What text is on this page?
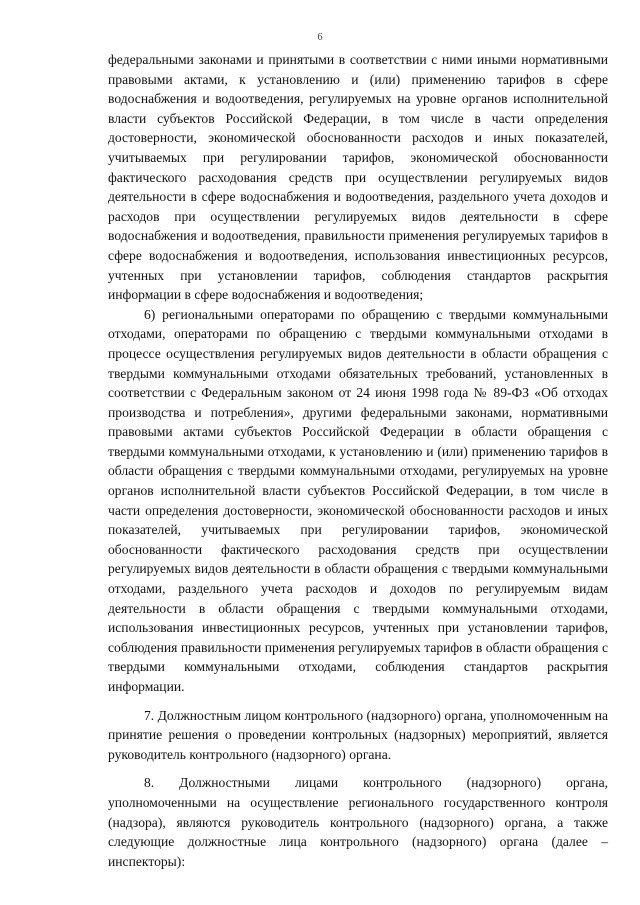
6

федеральными законами и принятыми в соответствии с ними иными нормативными правовыми актами, к установлению и (или) применению тарифов в сфере водоснабжения и водоотведения, регулируемых на уровне органов исполнительной власти субъектов Российской Федерации, в том числе в части определения достоверности, экономической обоснованности расходов и иных показателей, учитываемых при регулировании тарифов, экономической обоснованности фактического расходования средств при осуществлении регулируемых видов деятельности в сфере водоснабжения и водоотведения, раздельного учета доходов и расходов при осуществлении регулируемых видов деятельности в сфере водоснабжения и водоотведения, правильности применения регулируемых тарифов в сфере водоснабжения и водоотведения, использования инвестиционных ресурсов, учтенных при установлении тарифов, соблюдения стандартов раскрытия информации в сфере водоснабжения и водоотведения;

6) региональными операторами по обращению с твердыми коммунальными отходами, операторами по обращению с твердыми коммунальными отходами в процессе осуществления регулируемых видов деятельности в области обращения с твердыми коммунальными отходами обязательных требований, установленных в соответствии с Федеральным законом от 24 июня 1998 года № 89-ФЗ «Об отходах производства и потребления», другими федеральными законами, нормативными правовыми актами субъектов Российской Федерации в области обращения с твердыми коммунальными отходами, к установлению и (или) применению тарифов в области обращения с твердыми коммунальными отходами, регулируемых на уровне органов исполнительной власти субъектов Российской Федерации, в том числе в части определения достоверности, экономической обоснованности расходов и иных показателей, учитываемых при регулировании тарифов, экономической обоснованности фактического расходования средств при осуществлении регулируемых видов деятельности в области обращения с твердыми коммунальными отходами, раздельного учета расходов и доходов по регулируемым видам деятельности в области обращения с твердыми коммунальными отходами, использования инвестиционных ресурсов, учтенных при установлении тарифов, соблюдения правильности применения регулируемых тарифов в области обращения с твердыми коммунальными отходами, соблюдения стандартов раскрытия информации.

7. Должностным лицом контрольного (надзорного) органа, уполномоченным на принятие решения о проведении контрольных (надзорных) мероприятий, является руководитель контрольного (надзорного) органа.

8. Должностными лицами контрольного (надзорного) органа, уполномоченными на осуществление регионального государственного контроля (надзора), являются руководитель контрольного (надзорного) органа, а также следующие должностные лица контрольного (надзорного) органа (далее – инспекторы):
